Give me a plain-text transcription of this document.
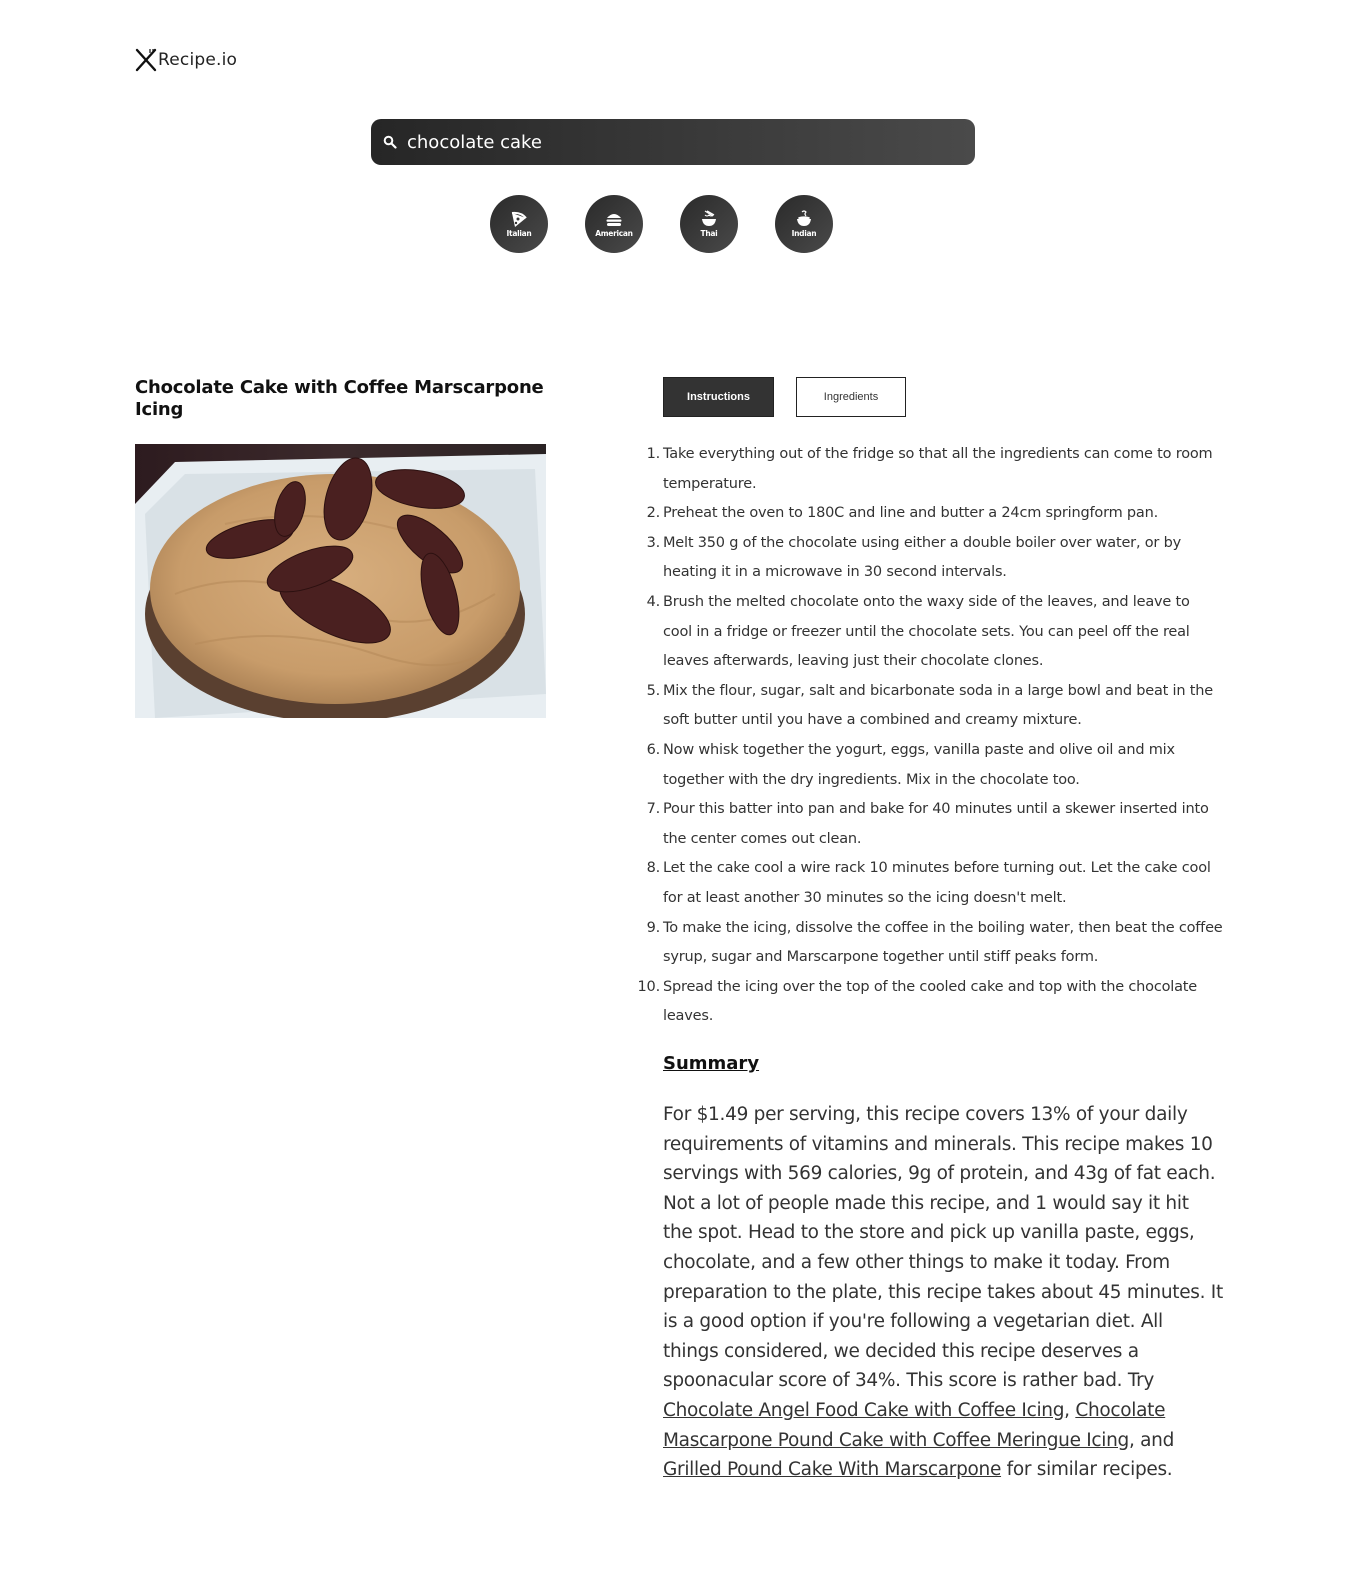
Recipe.io
chocolate cake
Italian	American	Thai	Indian
Chocolate Cake with Coffee Marscarpone Icing
Instructions	Ingredients
1. Take everything out of the fridge so that all the ingredients can come to room temperature.
2. Preheat the oven to 180C and line and butter a 24cm springform pan.
3. Melt 350 g of the chocolate using either a double boiler over water, or by heating it in a microwave in 30 second intervals.
4. Brush the melted chocolate onto the waxy side of the leaves, and leave to cool in a fridge or freezer until the chocolate sets. You can peel off the real leaves afterwards, leaving just their chocolate clones.
5. Mix the flour, sugar, salt and bicarbonate soda in a large bowl and beat in the soft butter until you have a combined and creamy mixture.
6. Now whisk together the yogurt, eggs, vanilla paste and olive oil and mix together with the dry ingredients. Mix in the chocolate too.
7. Pour this batter into pan and bake for 40 minutes until a skewer inserted into the center comes out clean.
8. Let the cake cool a wire rack 10 minutes before turning out. Let the cake cool for at least another 30 minutes so the icing doesn't melt.
9. To make the icing, dissolve the coffee in the boiling water, then beat the coffee syrup, sugar and Marscarpone together until stiff peaks form.
10. Spread the icing over the top of the cooled cake and top with the chocolate leaves.
Summary

For $1.49 per serving, this recipe covers 13% of your daily requirements of vitamins and minerals. This recipe makes 10 servings with 569 calories, 9g of protein, and 43g of fat each. Not a lot of people made this recipe, and 1 would say it hit the spot. Head to the store and pick up vanilla paste, eggs, chocolate, and a few other things to make it today. From preparation to the plate, this recipe takes about 45 minutes. It is a good option if you're following a vegetarian diet. All things considered, we decided this recipe deserves a spoonacular score of 34%. This score is rather bad. Try Chocolate Angel Food Cake with Coffee Icing, Chocolate Mascarpone Pound Cake with Coffee Meringue Icing, and Grilled Pound Cake With Marscarpone for similar recipes.
